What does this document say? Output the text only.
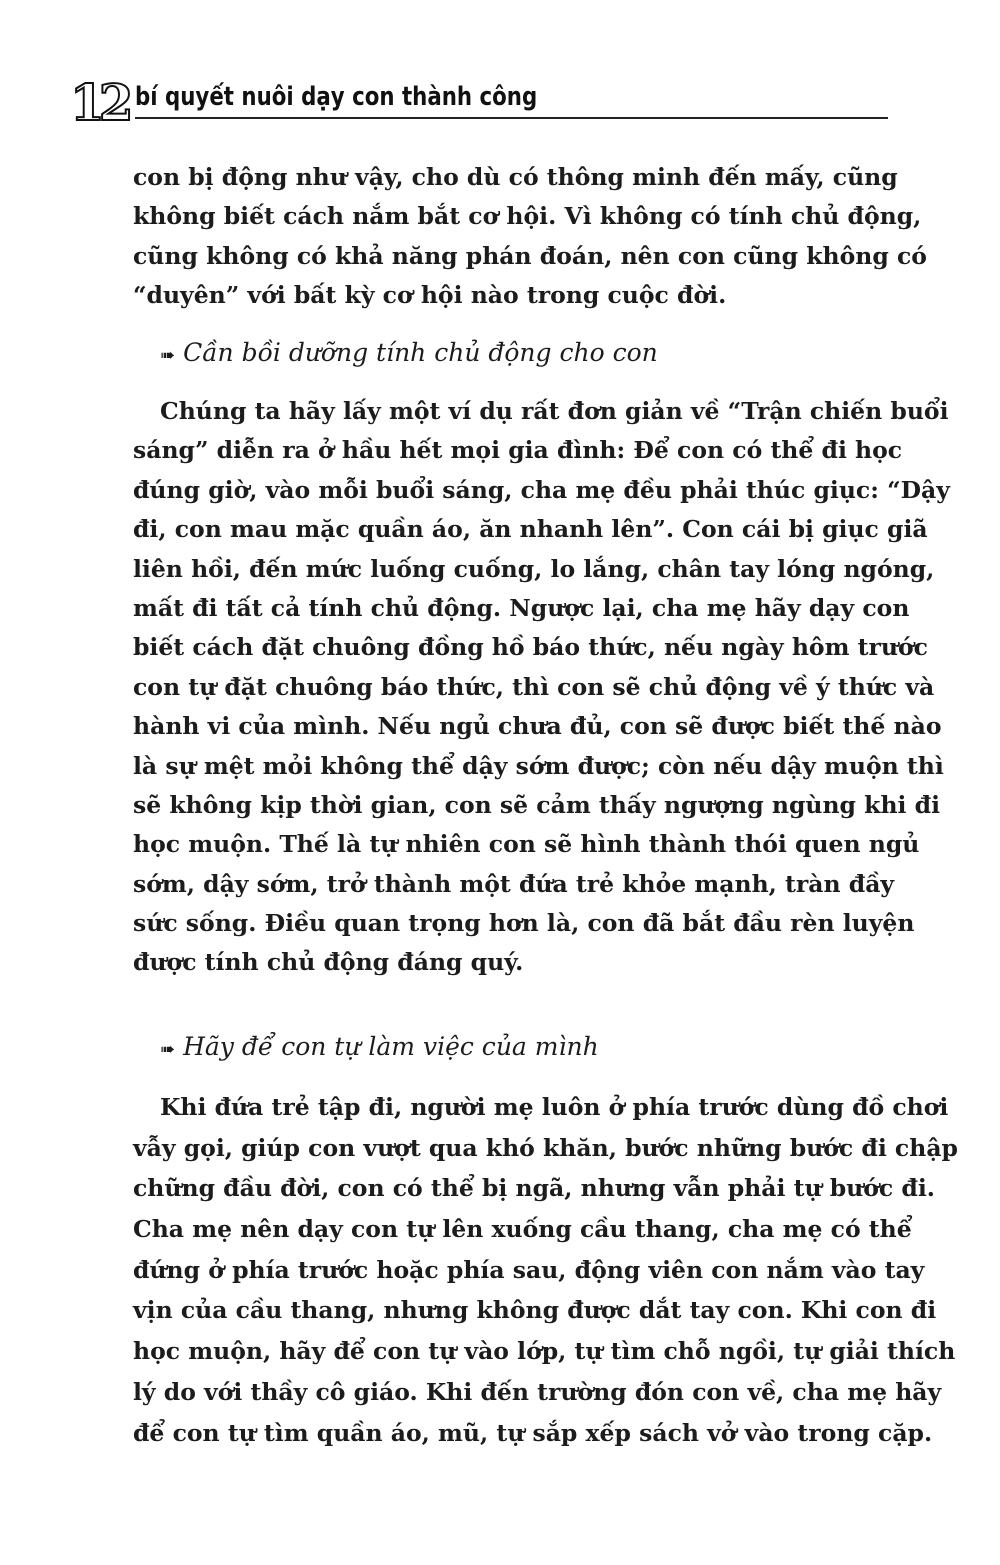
12 bí quyết nuôi dạy con thành công
con bị động như vậy, cho dù có thông minh đến mấy, cũng
không biết cách nắm bắt cơ hội. Vì không có tính chủ động,
cũng không có khả năng phán đoán, nên con cũng không có
“duyên” với bất kỳ cơ hội nào trong cuộc đời.
➠ Cần bồi dưỡng tính chủ động cho con
Chúng ta hãy lấy một ví dụ rất đơn giản về “Trận chiến buổi
sáng” diễn ra ở hầu hết mọi gia đình: Để con có thể đi học
đúng giờ, vào mỗi buổi sáng, cha mẹ đều phải thúc giục: “Dậy
đi, con mau mặc quần áo, ăn nhanh lên”. Con cái bị giục giã
liên hồi, đến mức luống cuống, lo lắng, chân tay lóng ngóng,
mất đi tất cả tính chủ động. Ngược lại, cha mẹ hãy dạy con
biết cách đặt chuông đồng hồ báo thức, nếu ngày hôm trước
con tự đặt chuông báo thức, thì con sẽ chủ động về ý thức và
hành vi của mình. Nếu ngủ chưa đủ, con sẽ được biết thế nào
là sự mệt mỏi không thể dậy sớm được; còn nếu dậy muộn thì
sẽ không kịp thời gian, con sẽ cảm thấy ngượng ngùng khi đi
học muộn. Thế là tự nhiên con sẽ hình thành thói quen ngủ
sớm, dậy sớm, trở thành một đứa trẻ khỏe mạnh, tràn đầy
sức sống. Điều quan trọng hơn là, con đã bắt đầu rèn luyện
được tính chủ động đáng quý.
➠ Hãy để con tự làm việc của mình
Khi đứa trẻ tập đi, người mẹ luôn ở phía trước dùng đồ chơi
vẫy gọi, giúp con vượt qua khó khăn, bước những bước đi chập
chững đầu đời, con có thể bị ngã, nhưng vẫn phải tự bước đi.
Cha mẹ nên dạy con tự lên xuống cầu thang, cha mẹ có thể
đứng ở phía trước hoặc phía sau, động viên con nắm vào tay
vịn của cầu thang, nhưng không được dắt tay con. Khi con đi
học muộn, hãy để con tự vào lớp, tự tìm chỗ ngồi, tự giải thích
lý do với thầy cô giáo. Khi đến trường đón con về, cha mẹ hãy
để con tự tìm quần áo, mũ, tự sắp xếp sách vở vào trong cặp.
